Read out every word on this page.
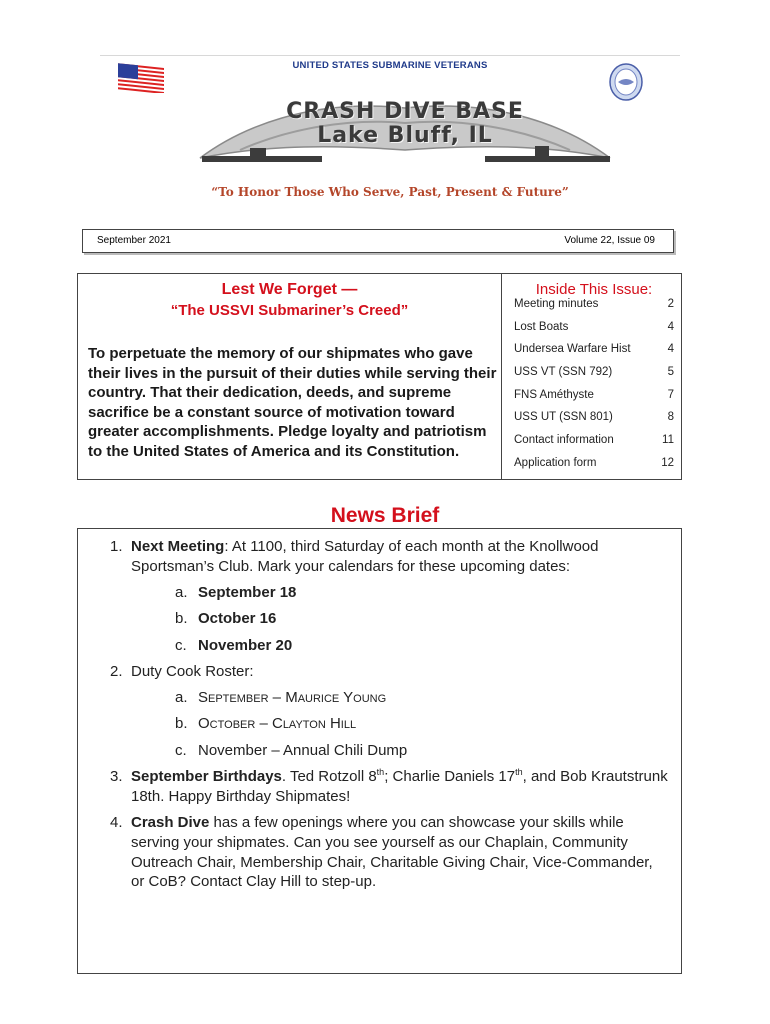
UNITED STATES SUBMARINE VETERANS
CRASH DIVE BASE
Lake Bluff, IL
“To Honor Those Who Serve, Past, Present & Future”
September 2021	Volume 22, Issue 09
Lest We Forget —
“The USSVI Submariner’s Creed”
To perpetuate the memory of our shipmates who gave their lives in the pursuit of their duties while serving their country. That their dedication, deeds, and supreme sacrifice be a constant source of motivation toward greater accomplishments. Pledge loyalty and patriotism to the United States of America and its Constitution.
Inside This Issue:
Meeting minutes	2
Lost Boats	4
Undersea Warfare Hist	4
USS VT (SSN 792)	5
FNS Améthyste	7
USS UT (SSN 801)	8
Contact information	11
Application form	12
News Brief
1. Next Meeting: At 1100, third Saturday of each month at the Knollwood Sportsman’s Club. Mark your calendars for these upcoming dates:
a. September 18
b. October 16
c. November 20
2. Duty Cook Roster:
a. September – Maurice Young
b. October – Clayton Hill
c. November – Annual Chili Dump
3. September Birthdays. Ted Rotzoll 8th; Charlie Daniels 17th, and Bob Krautstrunk 18th. Happy Birthday Shipmates!
4. Crash Dive has a few openings where you can showcase your skills while serving your shipmates. Can you see yourself as our Chaplain, Community Outreach Chair, Membership Chair, Charitable Giving Chair, Vice-Commander, or CoB? Contact Clay Hill to step-up.
